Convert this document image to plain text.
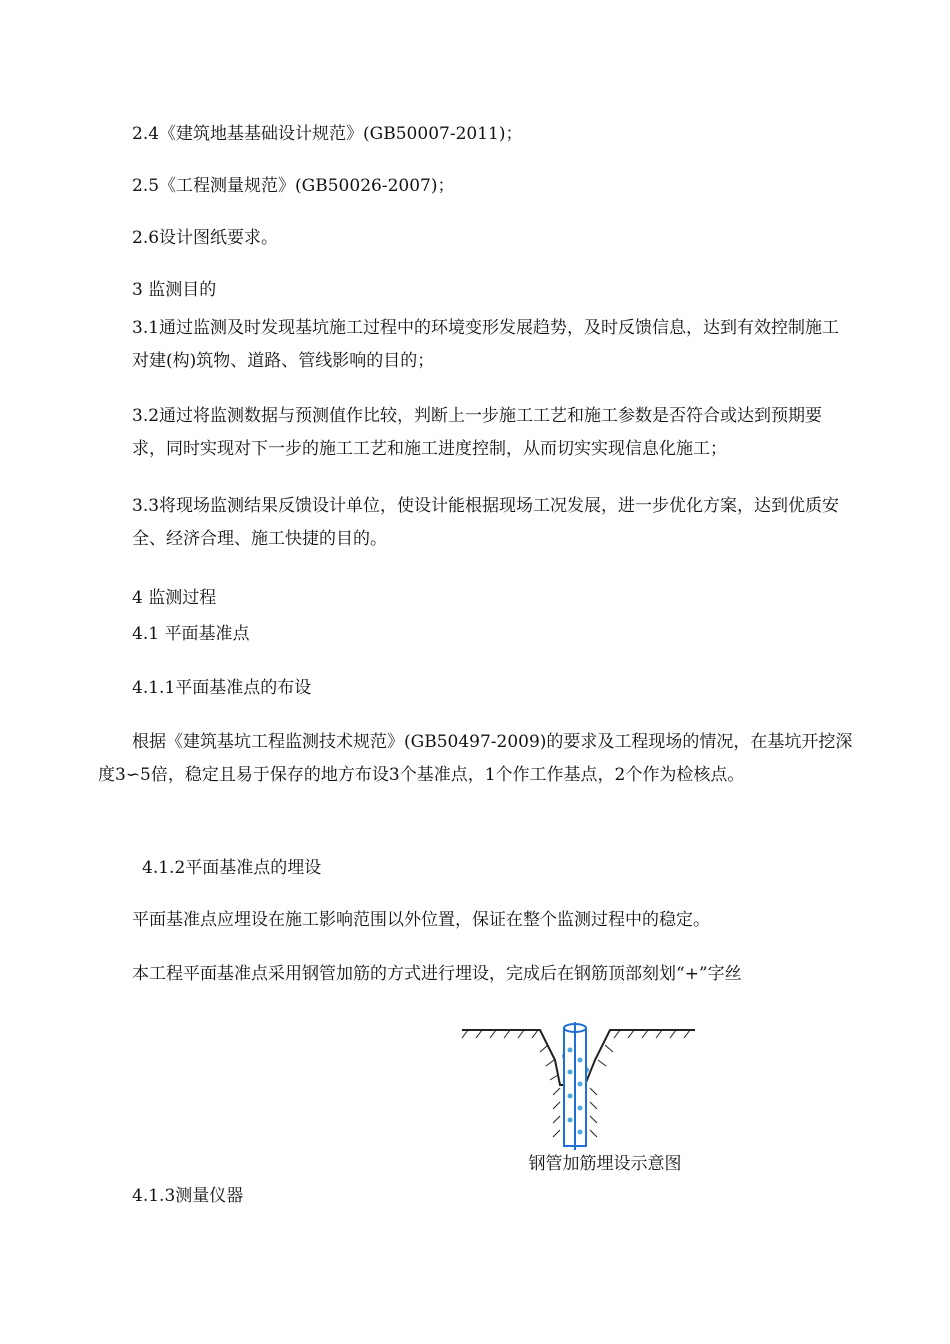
2.4《建筑地基基础设计规范》(GB50007-2011)；

2.5《工程测量规范》(GB50026-2007)；

2.6设计图纸要求。

3 监测目的

3.1通过监测及时发现基坑施工过程中的环境变形发展趋势，及时反馈信息，达到有效控制施工对建(构)筑物、道路、管线影响的目的；

3.2通过将监测数据与预测值作比较，判断上一步施工工艺和施工参数是否符合或达到预期要求，同时实现对下一步的施工工艺和施工进度控制，从而切实实现信息化施工；

3.3将现场监测结果反馈设计单位，使设计能根据现场工况发展，进一步优化方案，达到优质安全、经济合理、施工快捷的目的。

4 监测过程

4.1 平面基准点

4.1.1平面基准点的布设

根据《建筑基坑工程监测技术规范》(GB50497-2009)的要求及工程现场的情况，在基坑开挖深度3∽5倍，稳定且易于保存的地方布设3个基准点，1个作工作基点，2个作为检核点。

4.1.2平面基准点的埋设

平面基准点应埋设在施工影响范围以外位置，保证在整个监测过程中的稳定。

本工程平面基准点采用钢管加筋的方式进行埋设，完成后在钢筋顶部刻划“+”字丝

钢管加筋埋设示意图

4.1.3测量仪器
